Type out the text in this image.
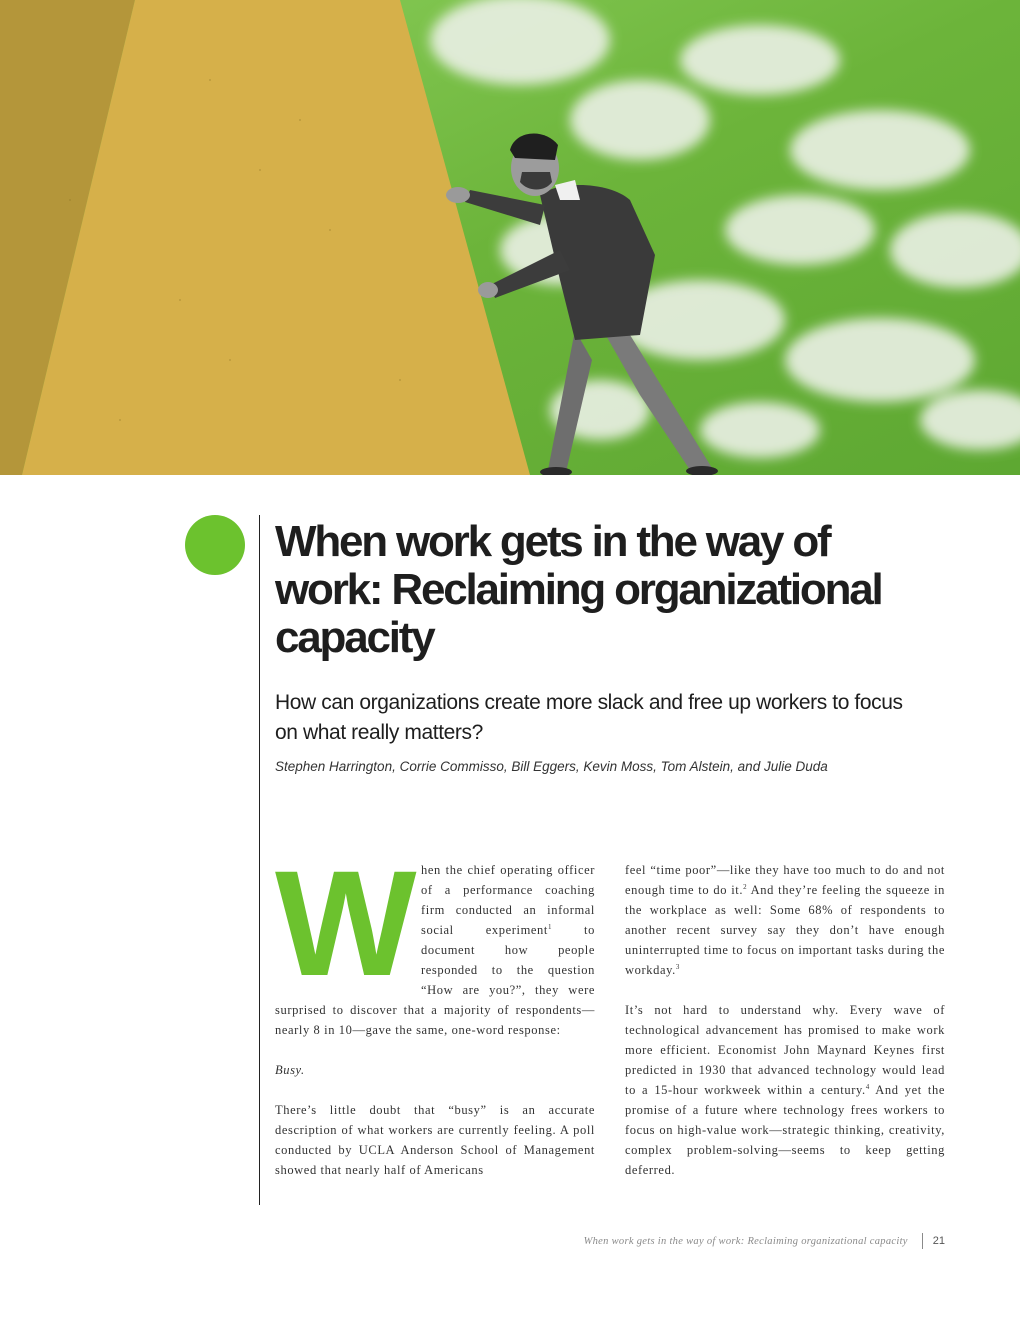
When work gets in the way of work: Reclaiming organizational capacity

How can organizations create more slack and free up workers to focus on what really matters?

Stephen Harrington, Corrie Commisso, Bill Eggers, Kevin Moss, Tom Alstein, and Julie Duda

W hen the chief operating officer of a performance coaching firm conducted an informal social experiment$^1$ to document how people responded to the question “How are you?”, they were surprised to discover that a majority of respondents—nearly 8 in 10—gave the same, one-word response:

Busy.

There’s little doubt that “busy” is an accurate description of what workers are currently feeling. A poll conducted by UCLA Anderson School of Management showed that nearly half of Americans

feel “time poor”—like they have too much to do and not enough time to do it.$^2$ And they’re feeling the squeeze in the workplace as well: Some 68% of respondents to another recent survey say they don’t have enough uninterrupted time to focus on important tasks during the workday.$^3$

It’s not hard to understand why. Every wave of technological advancement has promised to make work more efficient. Economist John Maynard Keynes first predicted in 1930 that advanced technology would lead to a 15-hour workweek within a century.$^4$ And yet the promise of a future where technology frees workers to focus on high-value work—strategic thinking, creativity, complex problem-solving—seems to keep getting deferred.

When work gets in the way of work: Reclaiming organizational capacity 21
